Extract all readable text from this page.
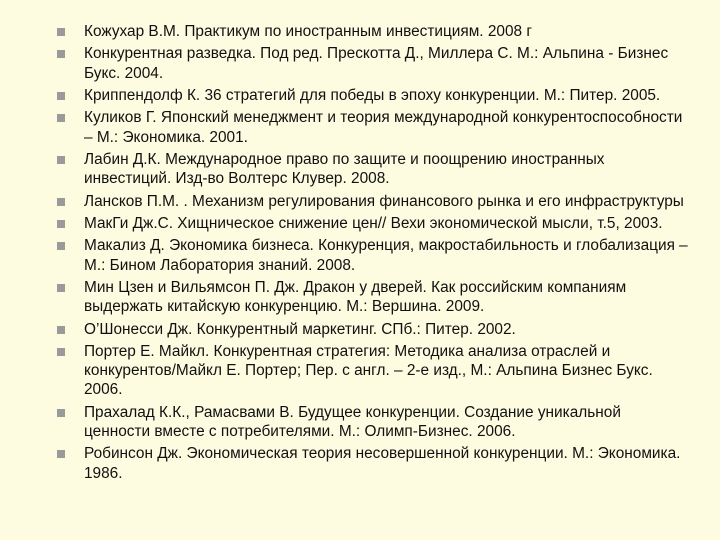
Кожухар В.М. Практикум по иностранным инвестициям. 2008 г
Конкурентная разведка. Под ред. Прескотта Д., Миллера С. М.: Альпина - Бизнес
Букс. 2004.
Криппендолф К. 36 стратегий для победы в эпоху конкуренции. М.: Питер. 2005.
Куликов Г. Японский менеджмент и теория международной конкурентоспособности
– М.: Экономика. 2001.
Лабин Д.К. Международное право по защите и поощрению иностранных
инвестиций. Изд-во Волтерс Клувер. 2008.
Лансков П.М. . Механизм регулирования финансового рынка и его инфраструктуры
МакГи Дж.С. Хищническое снижение цен// Вехи экономической мысли, т.5, 2003.
Макализ Д. Экономика бизнеса. Конкуренция, макростабильность и глобализация –
М.: Бином Лаборатория знаний. 2008.
Мин Цзен и Вильямсон П. Дж. Дракон у дверей. Как российским компаниям
выдержать китайскую конкуренцию. М.: Вершина. 2009.
O’Шонесси Дж. Конкурентный маркетинг. СПб.: Питер. 2002.
Портер Е. Майкл. Конкурентная стратегия: Методика анализа отраслей и
конкурентов/Майкл Е. Портер; Пер. с англ. – 2-е изд., М.: Альпина Бизнес Букс.
2006.
Прахалад К.К., Рамасвами В. Будущее конкуренции. Создание уникальной
ценности вместе с потребителями. М.: Олимп-Бизнес. 2006.
Робинсон Дж. Экономическая теория несовершенной конкуренции. М.: Экономика.
1986.
